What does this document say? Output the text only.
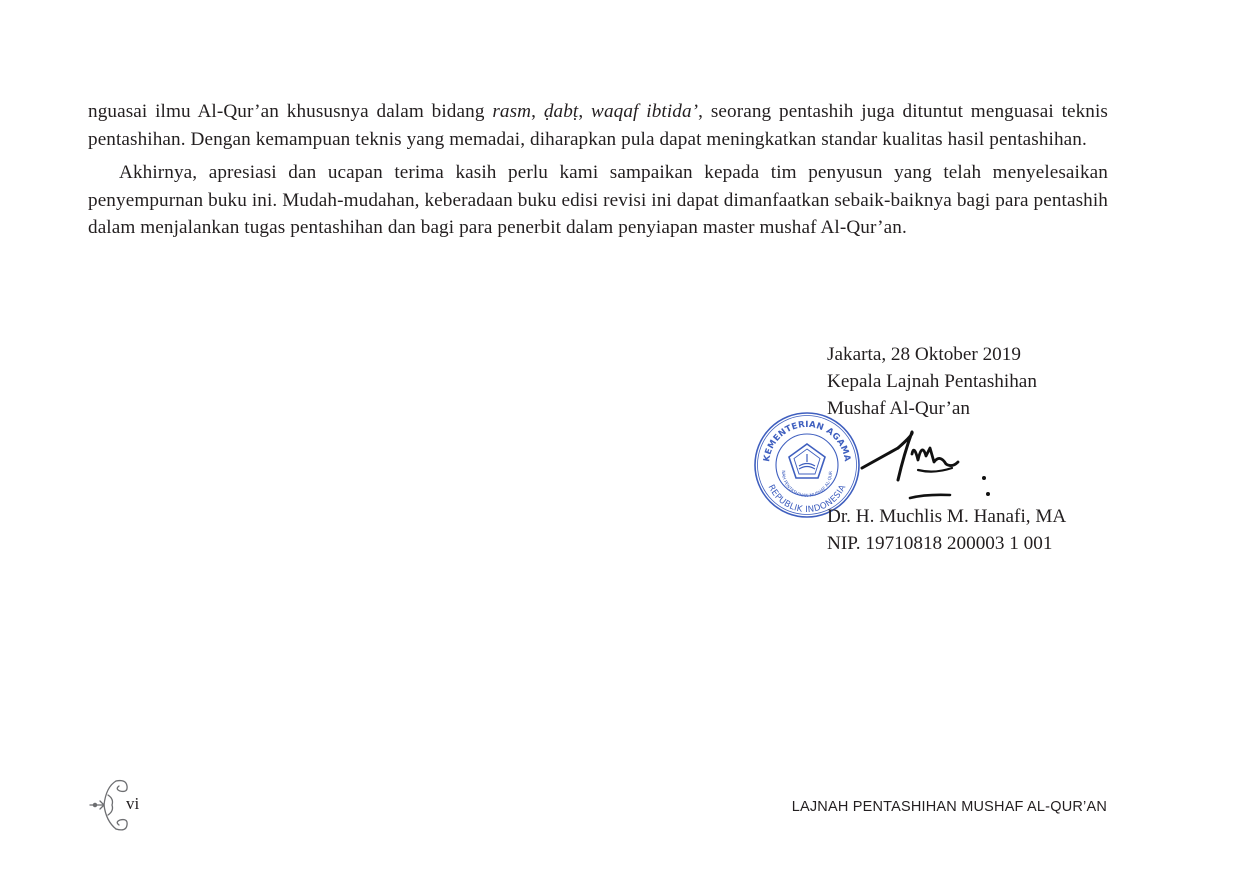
nguasai ilmu Al-Qur’an khususnya dalam bidang rasm, ḍabṭ, waqaf ibtida’, seorang pentashih juga dituntut menguasai teknis pentashihan. Dengan kemampuan teknis yang memadai, diharapkan pula dapat meningkatkan standar kualitas hasil pentashihan.

Akhirnya, apresiasi dan ucapan terima kasih perlu kami sampaikan kepada tim penyusun yang telah menyelesaikan penyempurnan buku ini. Mudah-mudahan, keberadaan buku edisi revisi ini dapat dimanfaatkan sebaik-baiknya bagi para pentashih dalam menjalankan tugas pentashihan dan bagi para penerbit dalam penyiapan master mushaf Al-Qur’an.

KEMENTERIAN AGAMA
REPUBLIK INDONESIA
NAH PENTASHIHAN MUSHAF AL-QUR
Jakarta, 28 Oktober 2019
Kepala Lajnah Pentashihan
Mushaf Al-Qur’an
Dr. H. Muchlis M. Hanafi, MA
NIP. 19710818 200003 1 001
vi	LAJNAH PENTASHIHAN MUSHAF AL-QUR’AN
